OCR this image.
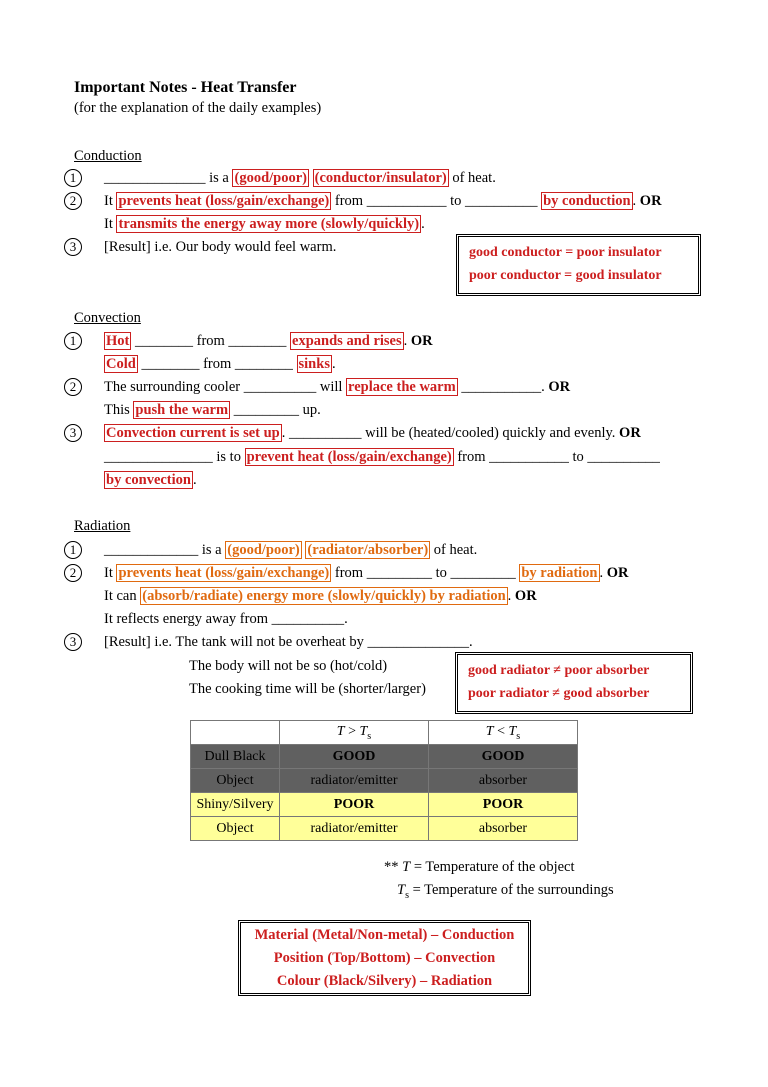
Important Notes - Heat Transfer
(for the explanation of the daily examples)
Conduction
1	______________ is a (good/poor) (conductor/insulator) of heat.
2	It prevents heat (loss/gain/exchange) from ___________ to __________ by conduction . OR
It transmits the energy away more (slowly/quickly) .
3	[Result] i.e. Our body would feel warm.	good conductor = poor insulator
poor conductor = good insulator
Convection
1	Hot ________ from ________ expands and rises . OR
Cold ________ from ________ sinks .
2	The surrounding cooler __________ will replace the warm ___________. OR
This push the warm _________ up.
3	Convection current is set up . __________ will be (heated/cooled) quickly and evenly. OR
_______________ is to prevent heat (loss/gain/exchange) from ___________ to __________
by convection .
Radiation
1	_____________ is a (good/poor) (radiator/absorber) of heat.
2	It prevents heat (loss/gain/exchange) from _________ to _________ by radiation . OR
It can (absorb/radiate) energy more (slowly/quickly) by radiation . OR
It reflects energy away from __________.
3	[Result] i.e. The tank will not be overheat by ______________.
The body will not be so (hot/cold)
The cooking time will be (shorter/larger)
good radiator ≠ poor absorber
poor radiator ≠ good absorber
	$T > T_s$	$T < T_s$
Dull Black	GOOD	GOOD
Object	radiator/emitter	absorber
Shiny/Silvery	POOR	POOR
Object	radiator/emitter	absorber
** T = Temperature of the object
$T_s$ = Temperature of the surroundings
Material (Metal/Non-metal) – Conduction
Position (Top/Bottom) – Convection
Colour (Black/Silvery) – Radiation
